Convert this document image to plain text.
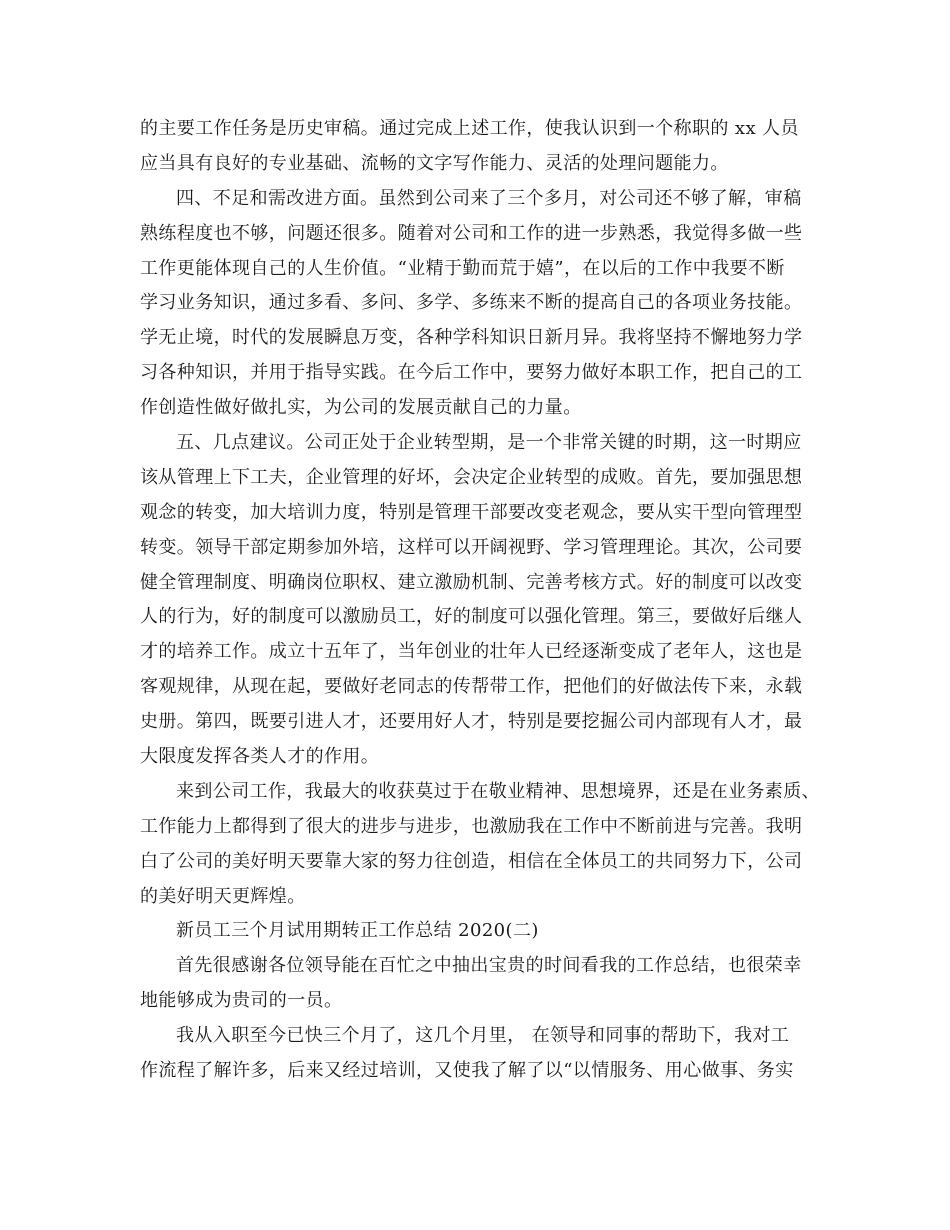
的主要工作任务是历史审稿。通过完成上述工作，使我认识到一个称职的 xx 人员
应当具有良好的专业基础、流畅的文字写作能力、灵活的处理问题能力。
四、不足和需改进方面。虽然到公司来了三个多月，对公司还不够了解，审稿
熟练程度也不够，问题还很多。随着对公司和工作的进一步熟悉，我觉得多做一些
工作更能体现自己的人生价值。“业精于勤而荒于嬉”，在以后的工作中我要不断
学习业务知识，通过多看、多问、多学、多练来不断的提高自己的各项业务技能。
学无止境，时代的发展瞬息万变，各种学科知识日新月异。我将坚持不懈地努力学
习各种知识，并用于指导实践。在今后工作中，要努力做好本职工作，把自己的工
作创造性做好做扎实，为公司的发展贡献自己的力量。
五、几点建议。公司正处于企业转型期，是一个非常关键的时期，这一时期应
该从管理上下工夫，企业管理的好坏，会决定企业转型的成败。首先，要加强思想
观念的转变，加大培训力度，特别是管理干部要改变老观念，要从实干型向管理型
转变。领导干部定期参加外培，这样可以开阔视野、学习管理理论。其次，公司要
健全管理制度、明确岗位职权、建立激励机制、完善考核方式。好的制度可以改变
人的行为，好的制度可以激励员工，好的制度可以强化管理。第三，要做好后继人
才的培养工作。成立十五年了，当年创业的壮年人已经逐渐变成了老年人，这也是
客观规律，从现在起，要做好老同志的传帮带工作，把他们的好做法传下来，永载
史册。第四，既要引进人才，还要用好人才，特别是要挖掘公司内部现有人才，最
大限度发挥各类人才的作用。
来到公司工作，我最大的收获莫过于在敬业精神、思想境界，还是在业务素质、
工作能力上都得到了很大的进步与进步，也激励我在工作中不断前进与完善。我明
白了公司的美好明天要靠大家的努力往创造，相信在全体员工的共同努力下，公司
的美好明天更辉煌。
新员工三个月试用期转正工作总结 2020(二)
首先很感谢各位领导能在百忙之中抽出宝贵的时间看我的工作总结，也很荣幸
地能够成为贵司的一员。
我从入职至今已快三个月了，这几个月里， 在领导和同事的帮助下，我对工
作流程了解许多，后来又经过培训，又使我了解了以“以情服务、用心做事、务实
